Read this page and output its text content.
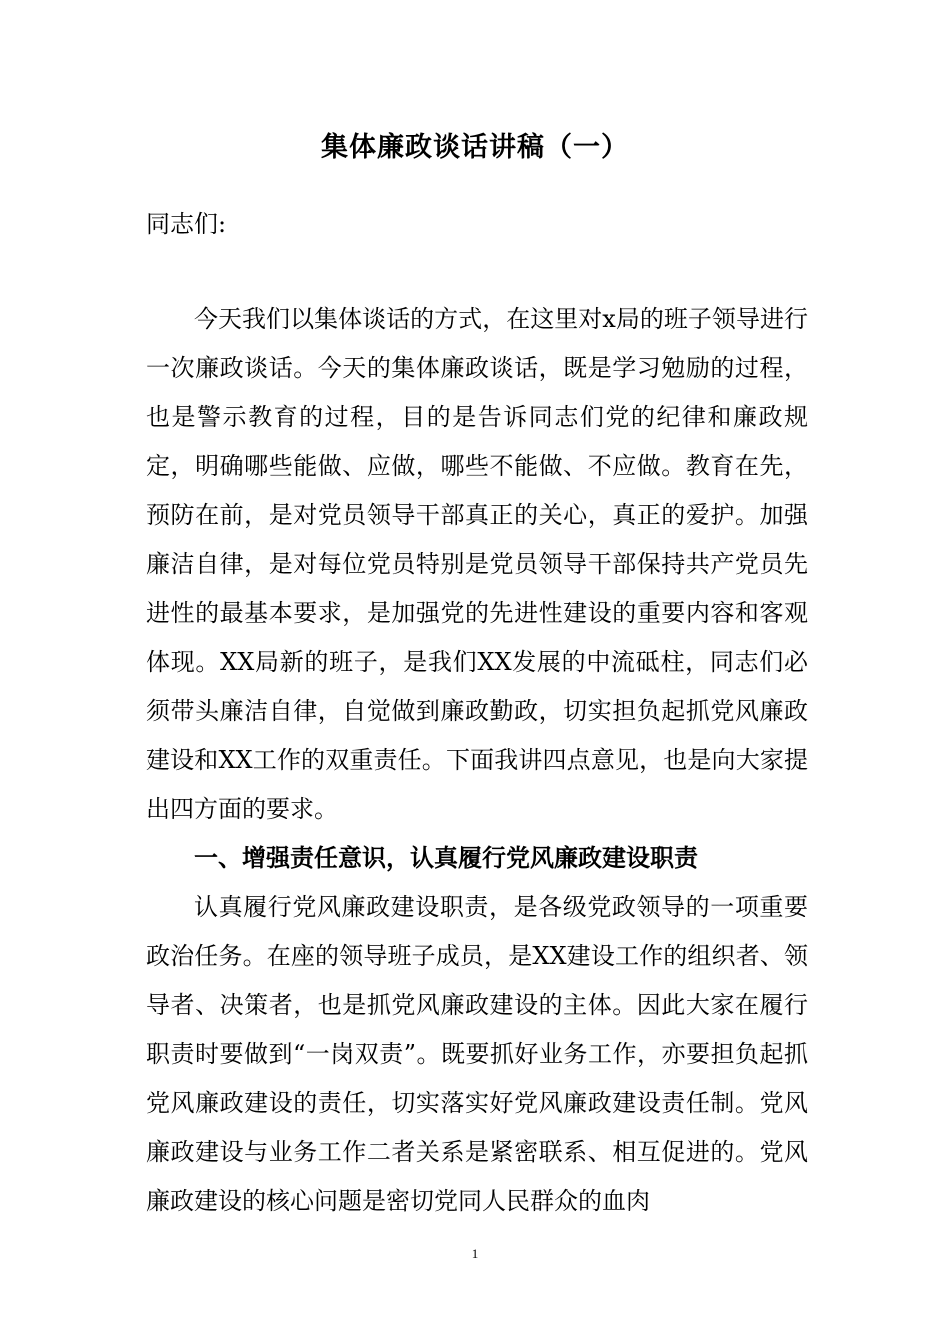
集体廉政谈话讲稿（一）

同志们:

今天我们以集体谈话的方式，在这里对x局的班子领导进行一次廉政谈话。今天的集体廉政谈话，既是学习勉励的过程，也是警示教育的过程，目的是告诉同志们党的纪律和廉政规定，明确哪些能做、应做，哪些不能做、不应做。教育在先，预防在前，是对党员领导干部真正的关心，真正的爱护。加强廉洁自律，是对每位党员特别是党员领导干部保持共产党员先进性的最基本要求，是加强党的先进性建设的重要内容和客观体现。XX局新的班子，是我们XX发展的中流砥柱，同志们必须带头廉洁自律，自觉做到廉政勤政，切实担负起抓党风廉政建设和XX工作的双重责任。下面我讲四点意见，也是向大家提出四方面的要求。

一、增强责任意识，认真履行党风廉政建设职责

认真履行党风廉政建设职责，是各级党政领导的一项重要政治任务。在座的领导班子成员，是XX建设工作的组织者、领导者、决策者，也是抓党风廉政建设的主体。因此大家在履行职责时要做到“一岗双责”。既要抓好业务工作，亦要担负起抓党风廉政建设的责任，切实落实好党风廉政建设责任制。党风廉政建设与业务工作二者关系是紧密联系、相互促进的。党风廉政建设的核心问题是密切党同人民群众的血肉

1
